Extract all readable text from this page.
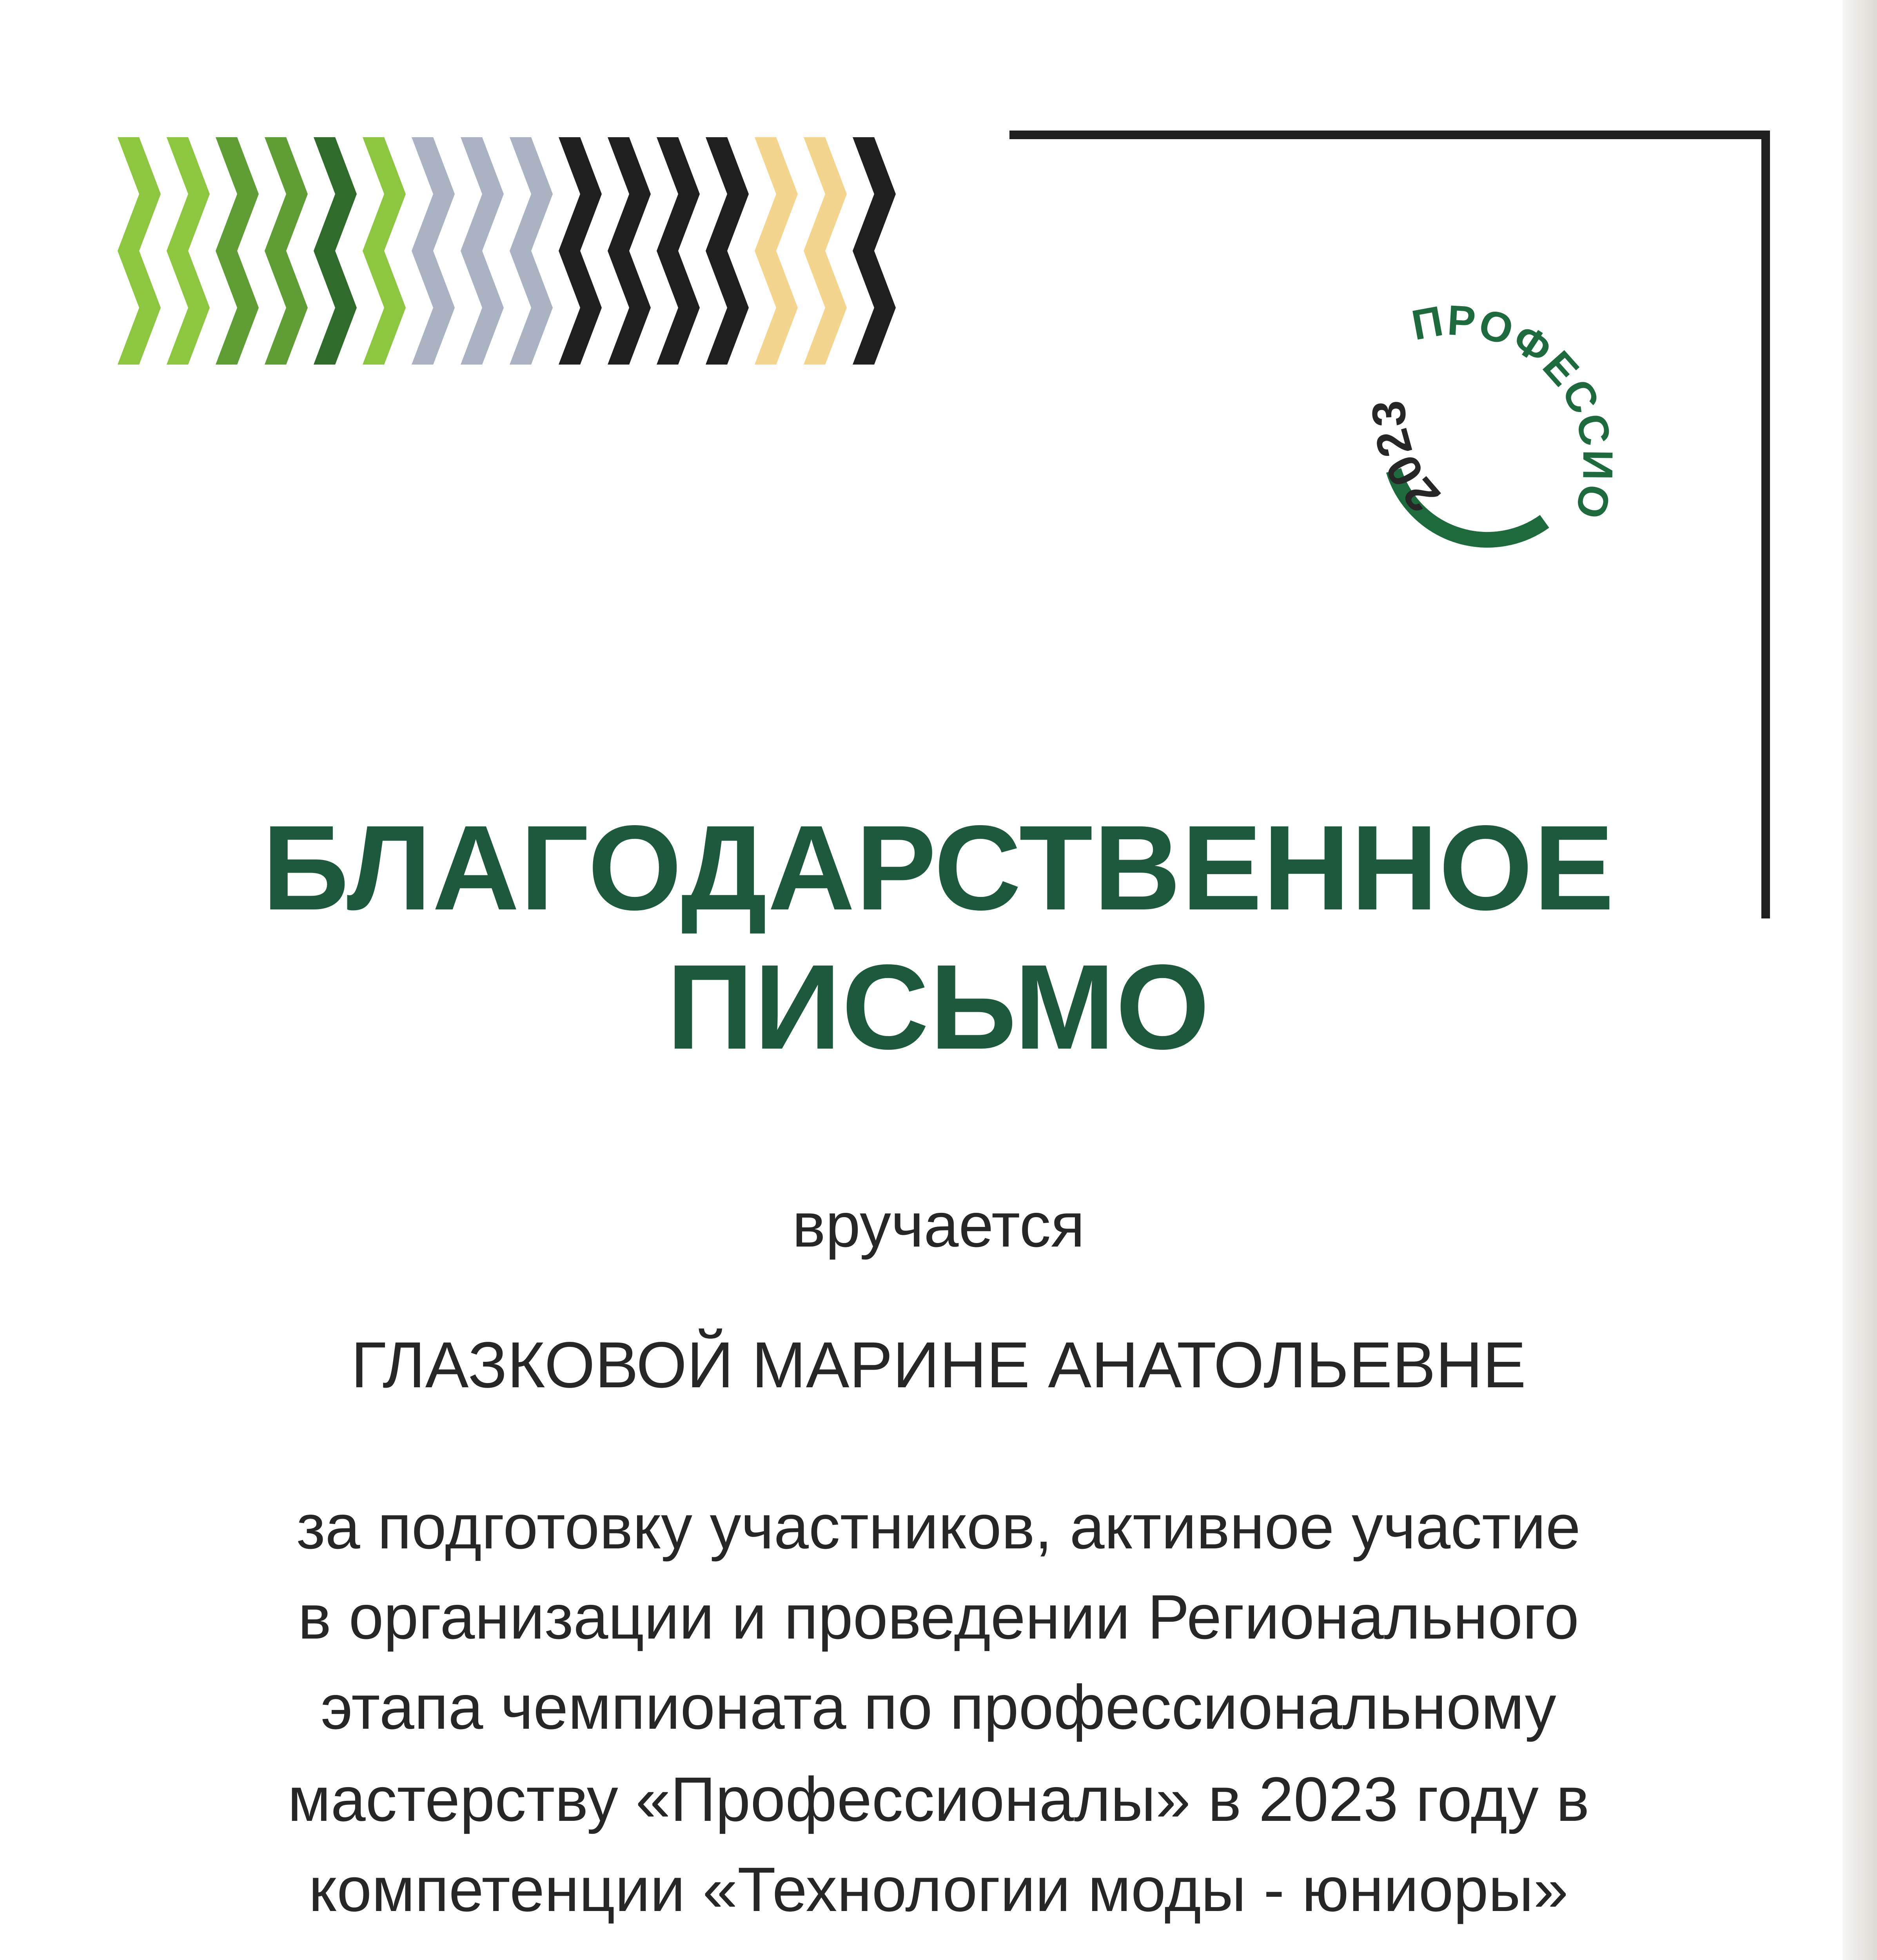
2023
ПРОФЕССИО
БЛАГОДАРСТВЕННОЕ
ПИСЬМО

вручается

ГЛАЗКОВОЙ МАРИНЕ АНАТОЛЬЕВНЕ

за подготовку участников, активное участие

в организации и проведении Регионального

этапа чемпионата по профессиональному

мастерству «Профессионалы» в 2023 году в

компетенции «Технологии моды - юниоры»
